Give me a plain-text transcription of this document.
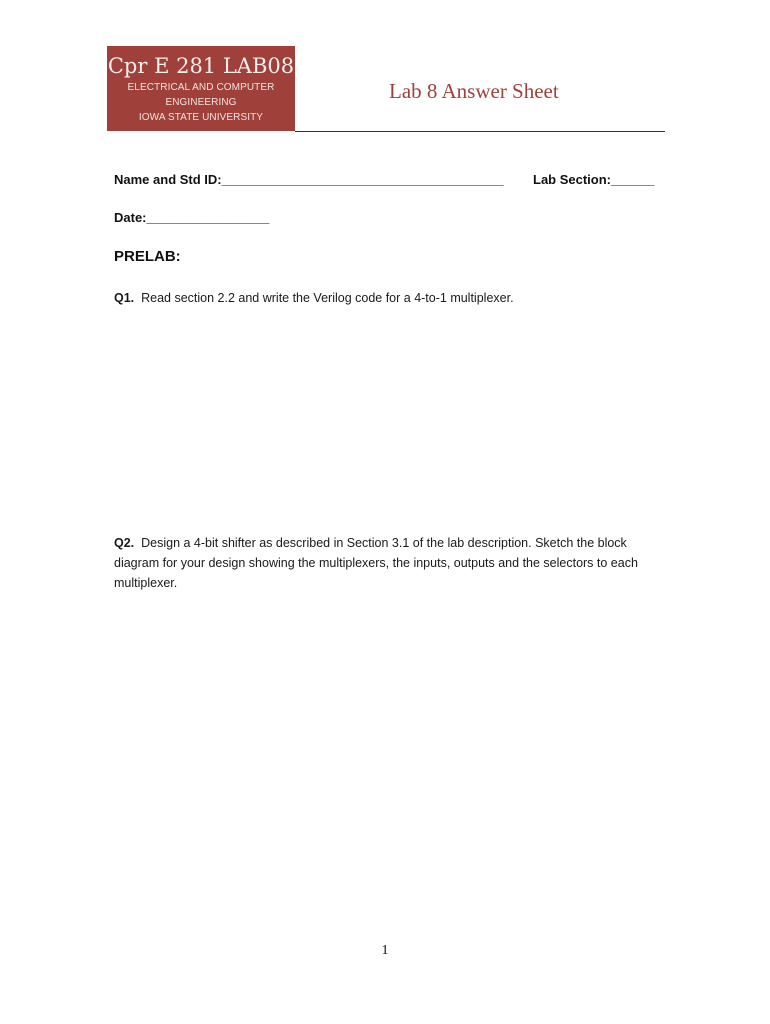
Cpr E 281 LAB08
ELECTRICAL AND COMPUTER
ENGINEERING
IOWA STATE UNIVERSITY
Lab 8 Answer Sheet
Name and Std ID:_______________________________________ Lab Section:______
Date:_________________
PRELAB:
Q1. Read section 2.2 and write the Verilog code for a 4-to-1 multiplexer.
Q2. Design a 4-bit shifter as described in Section 3.1 of the lab description. Sketch the block diagram for your design showing the multiplexers, the inputs, outputs and the selectors to each multiplexer.
1
